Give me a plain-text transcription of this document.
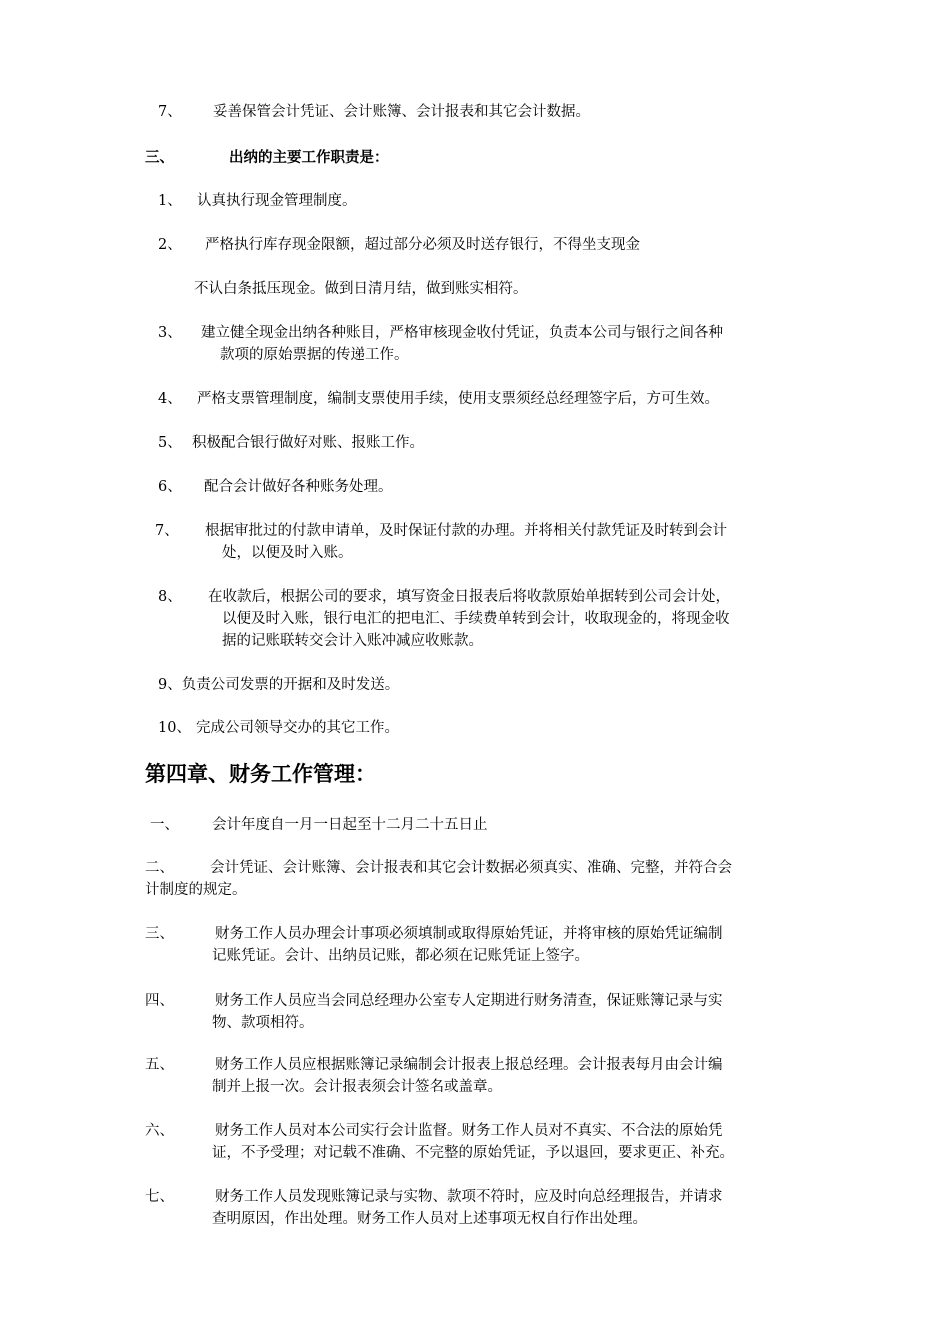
7、 妥善保管会计凭证、会计账簿、会计报表和其它会计数据。
三、	出纳的主要工作职责是：
1、 认真执行现金管理制度。
2、 严格执行库存现金限额，超过部分必须及时送存银行，不得坐支现金
不认白条抵压现金。做到日清月结，做到账实相符。
3、 建立健全现金出纳各种账目，严格审核现金收付凭证，负责本公司与银行之间各种
款项的原始票据的传递工作。
4、 严格支票管理制度，编制支票使用手续，使用支票须经总经理签字后，方可生效。
5、 积极配合银行做好对账、报账工作。
6、 配合会计做好各种账务处理。
7、 根据审批过的付款申请单，及时保证付款的办理。并将相关付款凭证及时转到会计
处，以便及时入账。
8、 在收款后，根据公司的要求，填写资金日报表后将收款原始单据转到公司会计处，
以便及时入账，银行电汇的把电汇、手续费单转到会计，收取现金的，将现金收
据的记账联转交会计入账冲减应收账款。
9、负责公司发票的开据和及时发送。
10、 完成公司领导交办的其它工作。
第四章、财务工作管理：
一、 会计年度自一月一日起至十二月二十五日止
二、 会计凭证、会计账簿、会计报表和其它会计数据必须真实、准确、完整，并符合会
计制度的规定。
三、	财务工作人员办理会计事项必须填制或取得原始凭证，并将审核的原始凭证编制
记账凭证。会计、出纳员记账，都必须在记账凭证上签字。
四、	财务工作人员应当会同总经理办公室专人定期进行财务清查，保证账簿记录与实
物、款项相符。
五、	财务工作人员应根据账簿记录编制会计报表上报总经理。会计报表每月由会计编
制并上报一次。会计报表须会计签名或盖章。
六、	财务工作人员对本公司实行会计监督。财务工作人员对不真实、不合法的原始凭
证，不予受理；对记载不准确、不完整的原始凭证，予以退回，要求更正、补充。
七、	财务工作人员发现账簿记录与实物、款项不符时，应及时向总经理报告，并请求
查明原因，作出处理。财务工作人员对上述事项无权自行作出处理。
